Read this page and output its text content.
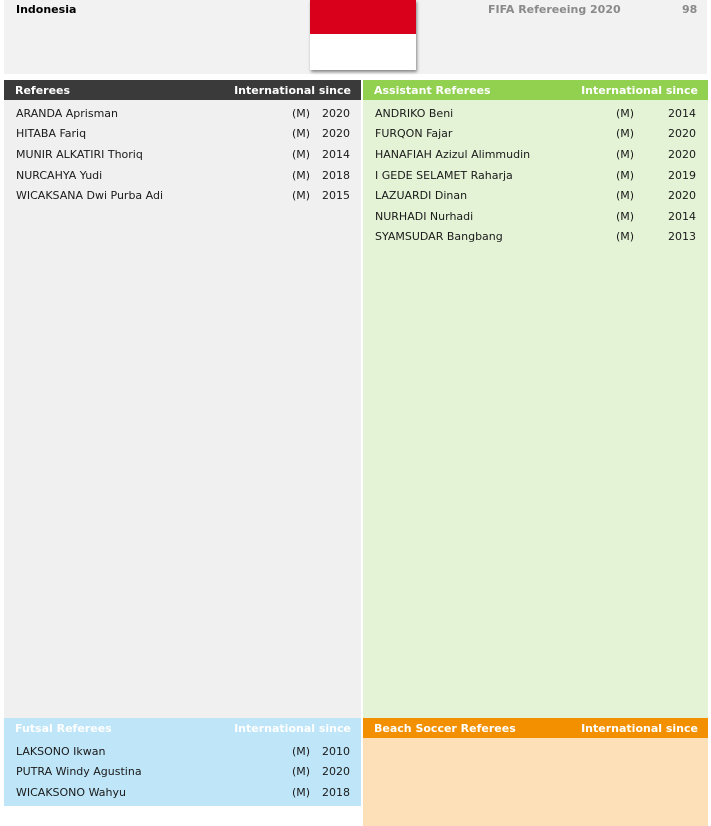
Indonesia	FIFA Refereeing 2020	98
Referees	International since
ARANDA Aprisman	(M)	2020
HITABA Fariq	(M)	2020
MUNIR ALKATIRI Thoriq	(M)	2014
NURCAHYA Yudi	(M)	2018
WICAKSANA Dwi Purba Adi	(M)	2015
Assistant Referees	International since
ANDRIKO Beni	(M)	2014
FURQON Fajar	(M)	2020
HANAFIAH Azizul Alimmudin	(M)	2020
I GEDE SELAMET Raharja	(M)	2019
LAZUARDI Dinan	(M)	2020
NURHADI Nurhadi	(M)	2014
SYAMSUDAR Bangbang	(M)	2013
Futsal Referees	International since
LAKSONO Ikwan	(M)	2010
PUTRA Windy Agustina	(M)	2020
WICAKSONO Wahyu	(M)	2018
Beach Soccer Referees	International since
